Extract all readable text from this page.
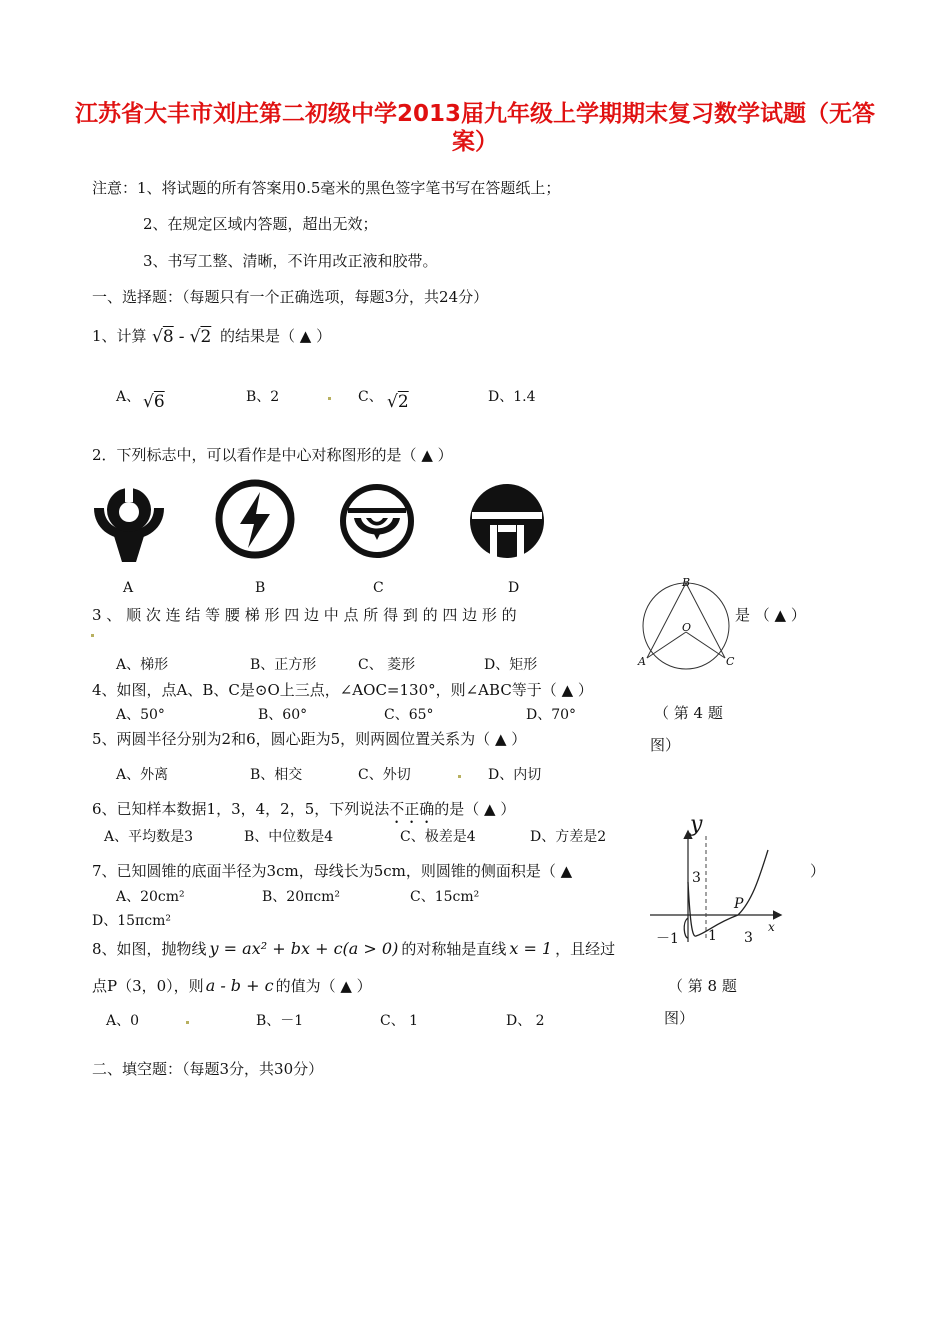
江苏省大丰市刘庄第二初级中学2013届九年级上学期期末复习数学试题（无答案）
注意：1、将试题的所有答案用0.5毫米的黑色签字笔书写在答题纸上；
2、在规定区域内答题，超出无效；
3、书写工整、清晰，不许用改正液和胶带。
一、选择题：（每题只有一个正确选项，每题3分，共24分）
1、计算 √8 - √2 的结果是（ ▲ ）
A、 √6	B、2	C、 √2	D、1.4
2．下列标志中，可以看作是中心对称图形的是（ ▲ ）
A	B	C	D
3 、 顺 次 连 结 等 腰 梯 形 四 边 中 点 所 得 到 的 四 边 形 的	是 （ ▲ ）
A、梯形	B、正方形	C、 菱形	D、矩形
B
O
A	C
4、如图，点A、B、C是⊙O上三点，∠AOC=130°，则∠ABC等于（ ▲ ）
A、50°	B、60°	C、65°	D、70°	（ 第 4 题
图）
5、两圆半径分别为2和6，圆心距为5，则两圆位置关系为（ ▲ ）
A、外离	B、相交	C、外切	D、内切
6、已知样本数据1，3，4，2，5，下列说法不正确的是（ ▲ ）
A、平均数是3	B、中位数是4	C、极差是4	D、方差是2	y
x
3
P
－1 1 3
7、已知圆锥的底面半径为3cm，母线长为5cm，则圆锥的侧面积是（ ▲	）
A、20cm²	B、20πcm²	C、15cm²
D、15πcm²
8、如图，抛物线 y = ax² + bx + c(a > 0) 的对称轴是直线 x = 1 ，且经过
点P（3，0），则 a - b + c 的值为（ ▲ ）	（ 第 8 题
图）
A、0	B、－1	C、 1	D、 2
二、填空题：（每题3分，共30分）
